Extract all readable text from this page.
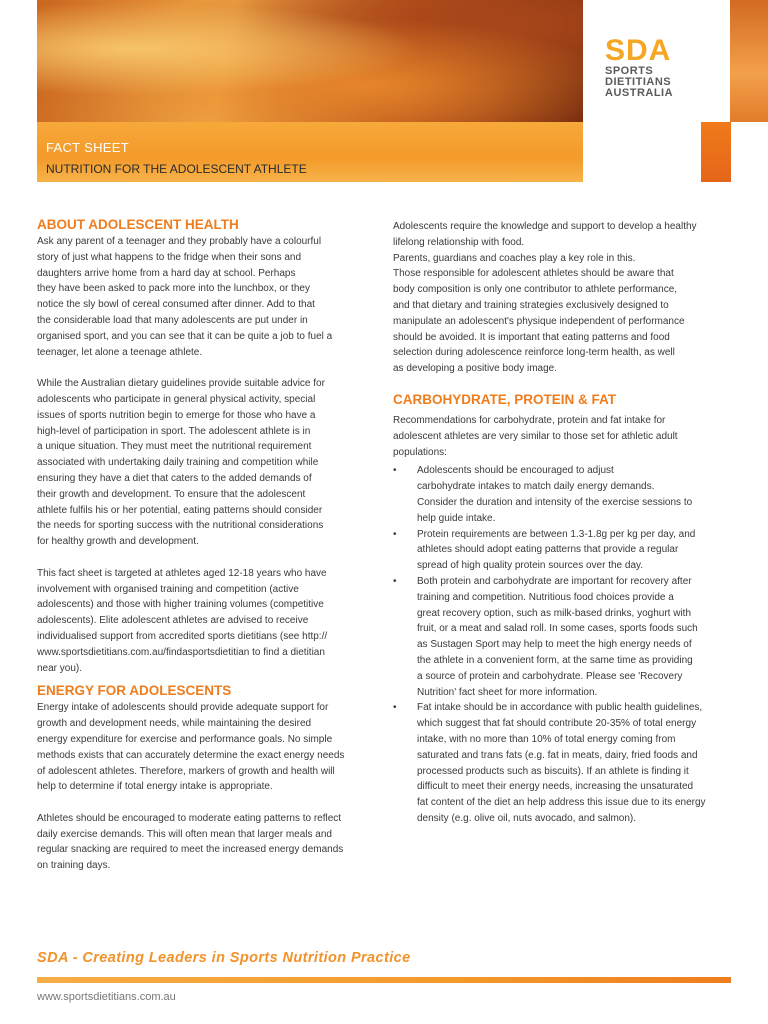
FACT SHEET
NUTRITION FOR THE ADOLESCENT ATHLETE
SDA
SPORTS
DIETITIANS
AUSTRALIA
ABOUT ADOLESCENT HEALTH

Ask any parent of a teenager and they probably have a colourful
story of just what happens to the fridge when their sons and
daughters arrive home from a hard day at school. Perhaps
they have been asked to pack more into the lunchbox, or they
notice the sly bowl of cereal consumed after dinner. Add to that
the considerable load that many adolescents are put under in
organised sport, and you can see that it can be quite a job to fuel a
teenager, let alone a teenage athlete.

While the Australian dietary guidelines provide suitable advice for
adolescents who participate in general physical activity, special
issues of sports nutrition begin to emerge for those who have a
high-level of participation in sport. The adolescent athlete is in
a unique situation. They must meet the nutritional requirement
associated with undertaking daily training and competition while
ensuring they have a diet that caters to the added demands of
their growth and development. To ensure that the adolescent
athlete fulfils his or her potential, eating patterns should consider
the needs for sporting success with the nutritional considerations
for healthy growth and development.

This fact sheet is targeted at athletes aged 12-18 years who have
involvement with organised training and competition (active
adolescents) and those with higher training volumes (competitive
adolescents). Elite adolescent athletes are advised to receive
individualised support from accredited sports dietitians (see http://
www.sportsdietitians.com.au/findasportsdietitian to find a dietitian
near you).

ENERGY FOR ADOLESCENTS

Energy intake of adolescents should provide adequate support for
growth and development needs, while maintaining the desired
energy expenditure for exercise and performance goals. No simple
methods exists that can accurately determine the exact energy needs
of adolescent athletes. Therefore, markers of growth and health will
help to determine if total energy intake is appropriate.

Athletes should be encouraged to moderate eating patterns to reflect
daily exercise demands. This will often mean that larger meals and
regular snacking are required to meet the increased energy demands
on training days.

Adolescents require the knowledge and support to develop a healthy
lifelong relationship with food.
Parents, guardians and coaches play a key role in this.
Those responsible for adolescent athletes should be aware that
body composition is only one contributor to athlete performance,
and that dietary and training strategies exclusively designed to
manipulate an adolescent's physique independent of performance
should be avoided. It is important that eating patterns and food
selection during adolescence reinforce long-term health, as well
as developing a positive body image.

CARBOHYDRATE, PROTEIN & FAT

Recommendations for carbohydrate, protein and fat intake for
adolescent athletes are very similar to those set for athletic adult
populations:

• Adolescents should be encouraged to adjust
carbohydrate intakes to match daily energy demands.
Consider the duration and intensity of the exercise sessions to
help guide intake.
• Protein requirements are between 1.3-1.8g per kg per day, and
athletes should adopt eating patterns that provide a regular
spread of high quality protein sources over the day.
• Both protein and carbohydrate are important for recovery after
training and competition. Nutritious food choices provide a
great recovery option, such as milk-based drinks, yoghurt with
fruit, or a meat and salad roll. In some cases, sports foods such
as Sustagen Sport may help to meet the high energy needs of
the athlete in a convenient form, at the same time as providing
a source of protein and carbohydrate. Please see 'Recovery
Nutrition' fact sheet for more information.
• Fat intake should be in accordance with public health guidelines,
which suggest that fat should contribute 20-35% of total energy
intake, with no more than 10% of total energy coming from
saturated and trans fats (e.g. fat in meats, dairy, fried foods and
processed products such as biscuits). If an athlete is finding it
difficult to meet their energy needs, increasing the unsaturated
fat content of the diet an help address this issue due to its energy
density (e.g. olive oil, nuts avocado, and salmon).
SDA - Creating Leaders in Sports Nutrition Practice
www.sportsdietitians.com.au
